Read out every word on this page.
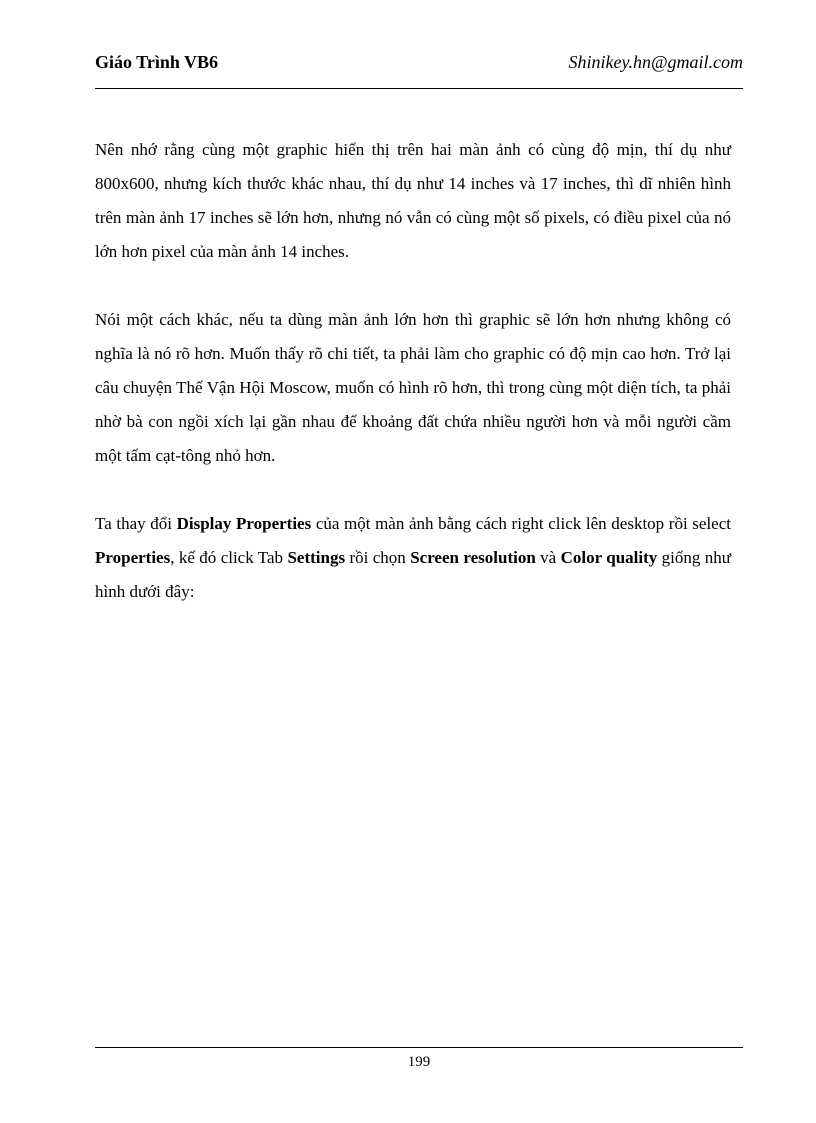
Giáo Trình VB6	Shinikey.hn@gmail.com

Nên nhớ rằng cùng một graphic hiển thị trên hai màn ảnh có cùng độ mịn, thí dụ như 800x600, nhưng kích thước khác nhau, thí dụ như 14 inches và 17 inches, thì dĩ nhiên hình trên màn ảnh 17 inches sẽ lớn hơn, nhưng nó vẫn có cùng một số pixels, có điều pixel của nó lớn hơn pixel của màn ảnh 14 inches.

Nói một cách khác, nếu ta dùng màn ảnh lớn hơn thì graphic sẽ lớn hơn nhưng không có nghĩa là nó rõ hơn. Muốn thấy rõ chi tiết, ta phải làm cho graphic có độ mịn cao hơn. Trở lại câu chuyện Thế Vận Hội Moscow, muốn có hình rõ hơn, thì trong cùng một diện tích, ta phải nhờ bà con ngồi xích lại gần nhau để khoảng đất chứa nhiều người hơn và mỗi người cầm một tấm cạt-tông nhỏ hơn.

Ta thay đổi Display Properties của một màn ảnh bằng cách right click lên desktop rồi select Properties, kế đó click Tab Settings rồi chọn Screen resolution và Color quality giống như hình dưới đây:

199
